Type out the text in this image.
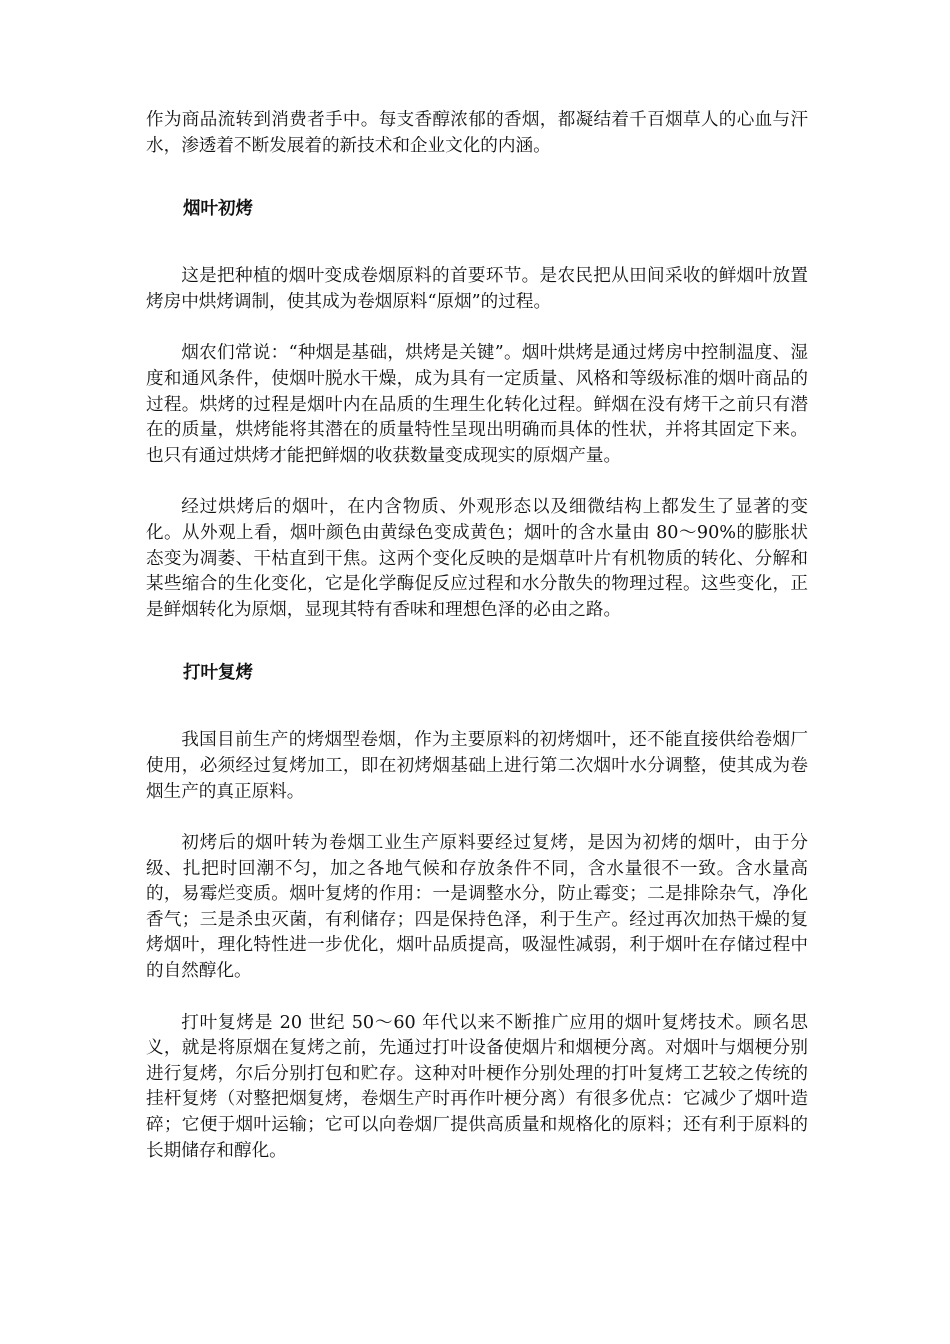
作为商品流转到消费者手中。每支香醇浓郁的香烟，都凝结着千百烟草人的心血与汗水，渗透着不断发展着的新技术和企业文化的内涵。

烟叶初烤

这是把种植的烟叶变成卷烟原料的首要环节。是农民把从田间采收的鲜烟叶放置烤房中烘烤调制，使其成为卷烟原料“原烟”的过程。

烟农们常说：“种烟是基础，烘烤是关键”。烟叶烘烤是通过烤房中控制温度、湿度和通风条件，使烟叶脱水干燥，成为具有一定质量、风格和等级标准的烟叶商品的过程。烘烤的过程是烟叶内在品质的生理生化转化过程。鲜烟在没有烤干之前只有潜在的质量，烘烤能将其潜在的质量特性呈现出明确而具体的性状，并将其固定下来。也只有通过烘烤才能把鲜烟的收获数量变成现实的原烟产量。

经过烘烤后的烟叶，在内含物质、外观形态以及细微结构上都发生了显著的变化。从外观上看，烟叶颜色由黄绿色变成黄色；烟叶的含水量由 80～90%的膨胀状态变为凋萎、干枯直到干焦。这两个变化反映的是烟草叶片有机物质的转化、分解和某些缩合的生化变化，它是化学酶促反应过程和水分散失的物理过程。这些变化，正是鲜烟转化为原烟，显现其特有香味和理想色泽的必由之路。

打叶复烤

我国目前生产的烤烟型卷烟，作为主要原料的初烤烟叶，还不能直接供给卷烟厂使用，必须经过复烤加工，即在初烤烟基础上进行第二次烟叶水分调整，使其成为卷烟生产的真正原料。

初烤后的烟叶转为卷烟工业生产原料要经过复烤，是因为初烤的烟叶，由于分级、扎把时回潮不匀，加之各地气候和存放条件不同，含水量很不一致。含水量高的，易霉烂变质。烟叶复烤的作用：一是调整水分，防止霉变；二是排除杂气，净化香气；三是杀虫灭菌，有利储存；四是保持色泽，利于生产。经过再次加热干燥的复烤烟叶，理化特性进一步优化，烟叶品质提高，吸湿性减弱，利于烟叶在存储过程中的自然醇化。

打叶复烤是 20 世纪 50～60 年代以来不断推广应用的烟叶复烤技术。顾名思义，就是将原烟在复烤之前，先通过打叶设备使烟片和烟梗分离。对烟叶与烟梗分别进行复烤，尔后分别打包和贮存。这种对叶梗作分别处理的打叶复烤工艺较之传统的挂杆复烤（对整把烟复烤，卷烟生产时再作叶梗分离）有很多优点：它减少了烟叶造碎；它便于烟叶运输；它可以向卷烟厂提供高质量和规格化的原料；还有利于原料的长期储存和醇化。
